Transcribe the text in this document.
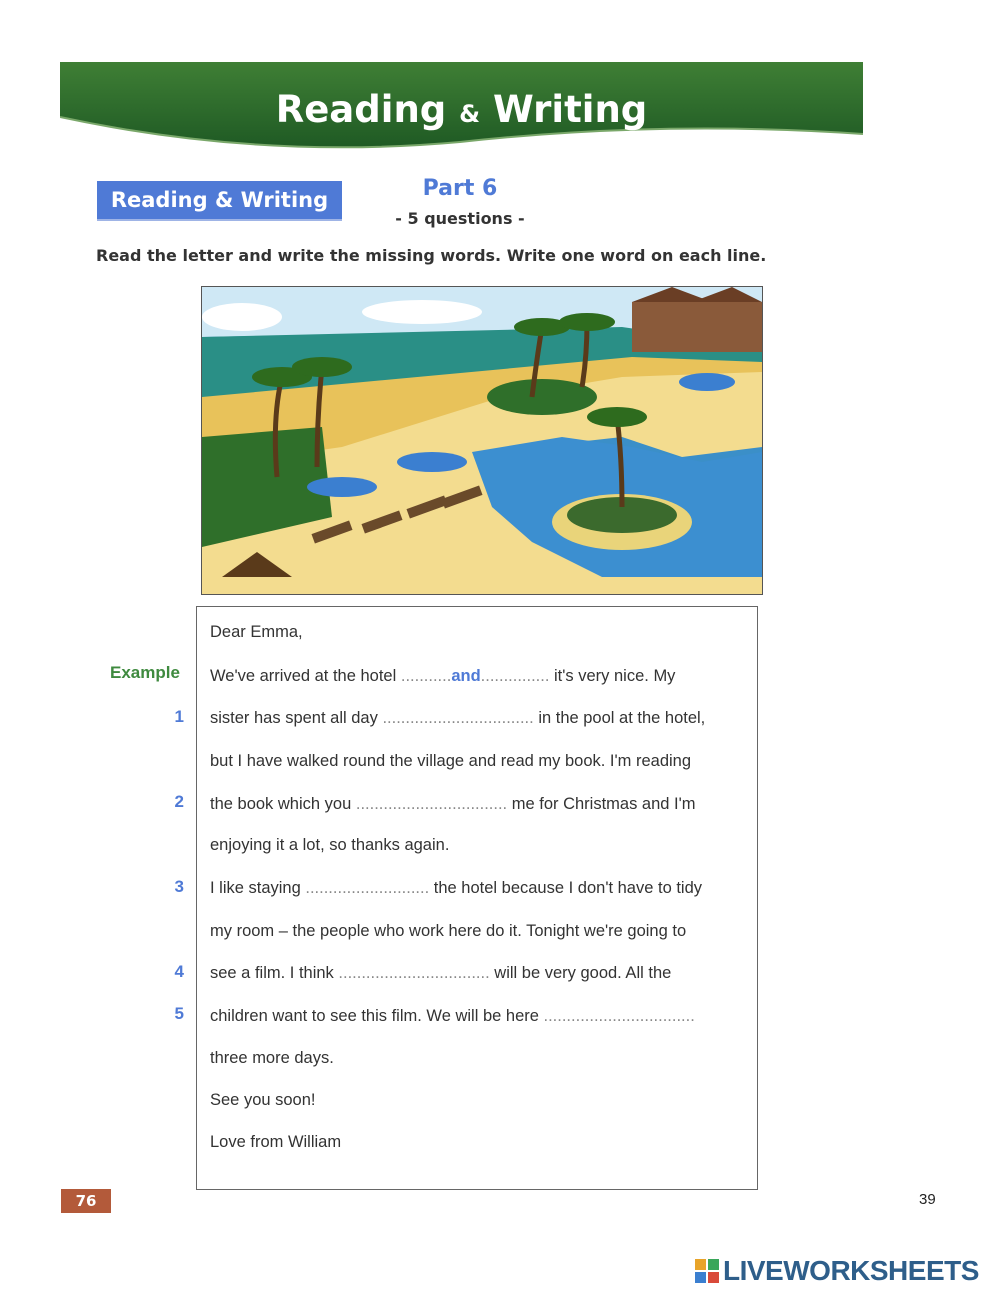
Reading & Writing
Reading & Writing	Part 6
- 5 questions -
Read the letter and write the missing words. Write one word on each line.
Dear Emma,
Example We've arrived at the hotel ...........and............... it's very nice. My
1 sister has spent all day ................................. in the pool at the hotel,
but I have walked round the village and read my book. I'm reading
2 the book which you ................................. me for Christmas and I'm
enjoying it a lot, so thanks again.
3 I like staying ........................... the hotel because I don't have to tidy
my room – the people who work here do it. Tonight we're going to
4 see a film. I think ................................. will be very good. All the
5 children want to see this film. We will be here .................................
three more days.
See you soon!
Love from William
76	39
LIVEWORKSHEETS
